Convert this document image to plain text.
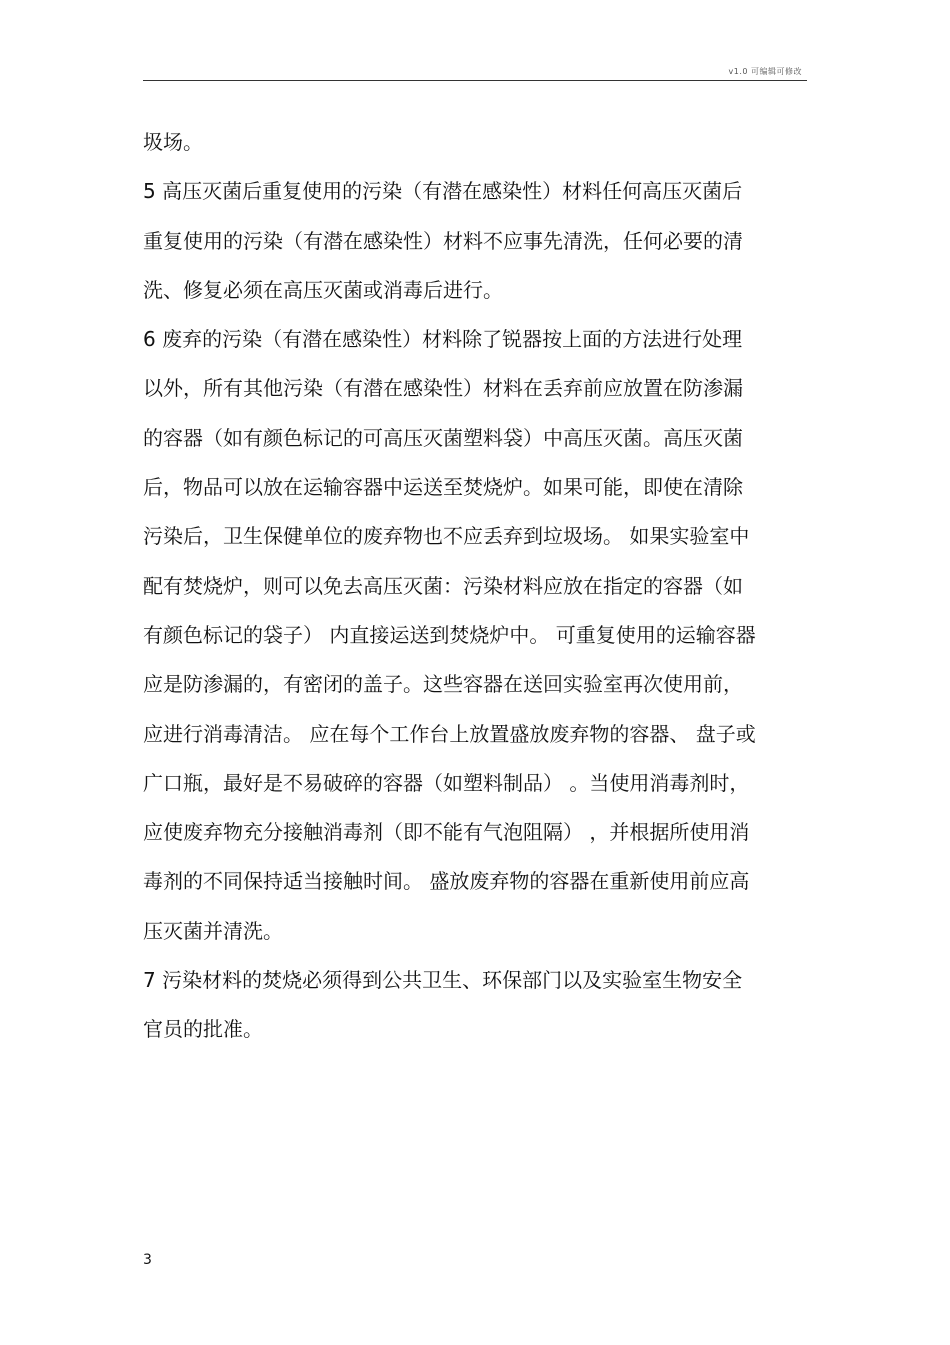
v1.0 可编辑可修改
圾场。
5 高压灭菌后重复使用的污染（有潜在感染性）材料任何高压灭菌后
重复使用的污染（有潜在感染性）材料不应事先清洗，任何必要的清
洗、修复必须在高压灭菌或消毒后进行。
6 废弃的污染（有潜在感染性）材料除了锐器按上面的方法进行处理
以外，所有其他污染（有潜在感染性）材料在丢弃前应放置在防渗漏
的容器（如有颜色标记的可高压灭菌塑料袋）中高压灭菌。高压灭菌
后，物品可以放在运输容器中运送至焚烧炉。如果可能，即使在清除
污染后，卫生保健单位的废弃物也不应丢弃到垃圾场。 如果实验室中
配有焚烧炉，则可以免去高压灭菌：污染材料应放在指定的容器（如
有颜色标记的袋子） 内直接运送到焚烧炉中。 可重复使用的运输容器
应是防渗漏的，有密闭的盖子。这些容器在送回实验室再次使用前，
应进行消毒清洁。 应在每个工作台上放置盛放废弃物的容器、 盘子或
广口瓶，最好是不易破碎的容器（如塑料制品） 。当使用消毒剂时，
应使废弃物充分接触消毒剂（即不能有气泡阻隔） ，并根据所使用消
毒剂的不同保持适当接触时间。 盛放废弃物的容器在重新使用前应高
压灭菌并清洗。
7 污染材料的焚烧必须得到公共卫生、环保部门以及实验室生物安全
官员的批准。
3
